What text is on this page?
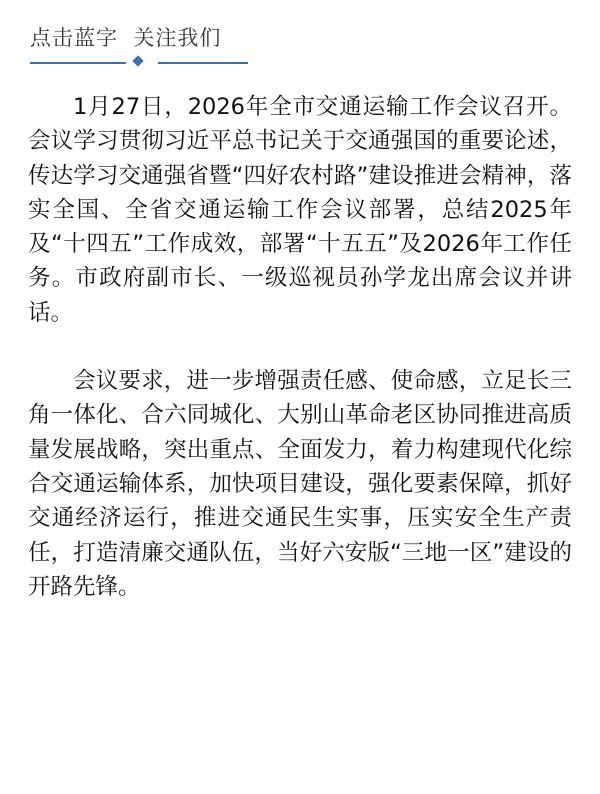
点击蓝字  关注我们

1月27日，2026年全市交通运输工作会议召开。会议学习贯彻习近平总书记关于交通强国的重要论述，传达学习交通强省暨“四好农村路”建设推进会精神，落实全国、全省交通运输工作会议部署，总结2025年及“十四五”工作成效，部署“十五五”及2026年工作任务。市政府副市长、一级巡视员孙学龙出席会议并讲话。

会议要求，进一步增强责任感、使命感，立足长三角一体化、合六同城化、大别山革命老区协同推进高质量发展战略，突出重点、全面发力，着力构建现代化综合交通运输体系，加快项目建设，强化要素保障，抓好交通经济运行，推进交通民生实事，压实安全生产责任，打造清廉交通队伍，当好六安版“三地一区”建设的开路先锋。
